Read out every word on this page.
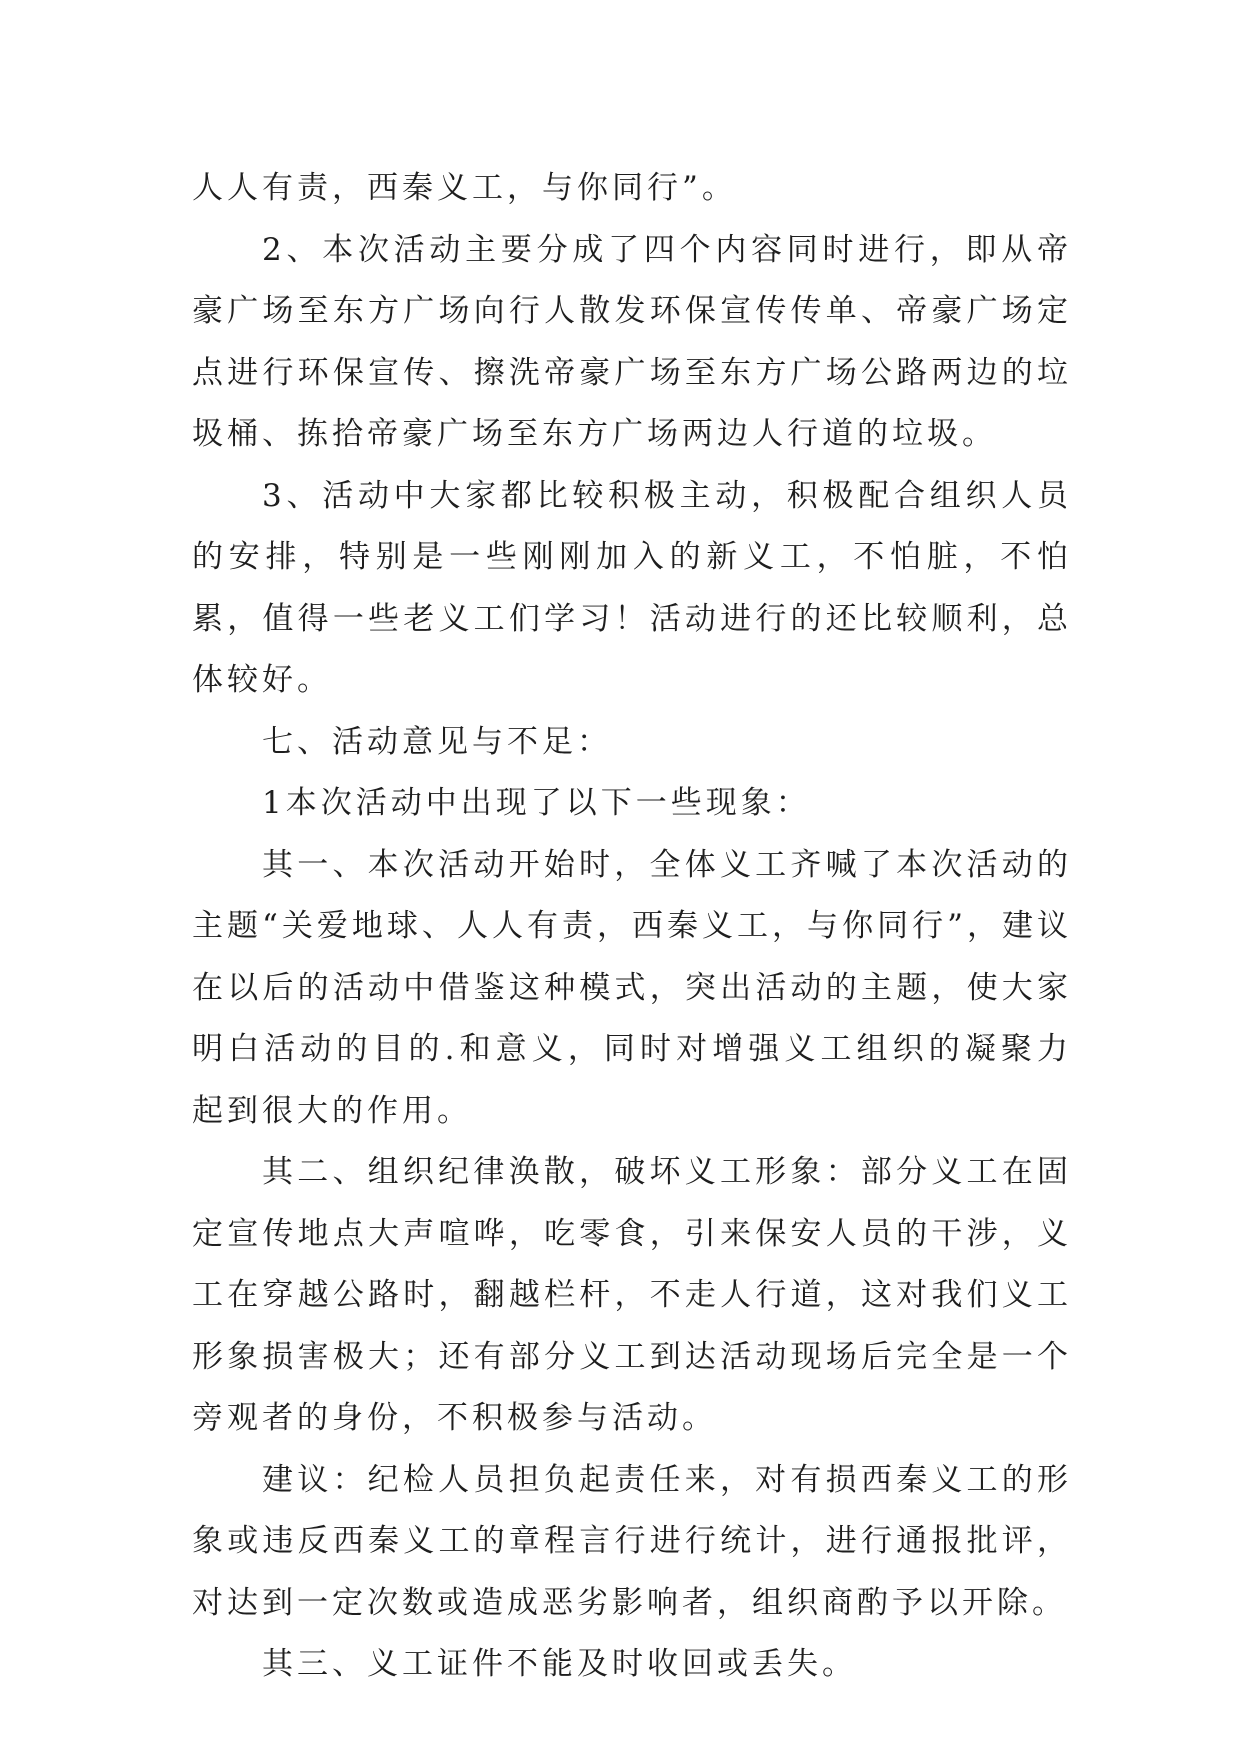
人人有责，西秦义工，与你同行”。

2、本次活动主要分成了四个内容同时进行，即从帝豪广场至东方广场向行人散发环保宣传传单、帝豪广场定点进行环保宣传、擦洗帝豪广场至东方广场公路两边的垃圾桶、拣拾帝豪广场至东方广场两边人行道的垃圾。

3、活动中大家都比较积极主动，积极配合组织人员的安排，特别是一些刚刚加入的新义工，不怕脏，不怕累，值得一些老义工们学习！活动进行的还比较顺利，总体较好。

七、活动意见与不足：

1本次活动中出现了以下一些现象：

其一、本次活动开始时，全体义工齐喊了本次活动的主题“关爱地球、人人有责，西秦义工，与你同行”，建议在以后的活动中借鉴这种模式，突出活动的主题，使大家明白活动的目的.和意义，同时对增强义工组织的凝聚力起到很大的作用。

其二、组织纪律涣散，破坏义工形象：部分义工在固定宣传地点大声喧哗，吃零食，引来保安人员的干涉，义工在穿越公路时，翻越栏杆，不走人行道，这对我们义工形象损害极大；还有部分义工到达活动现场后完全是一个旁观者的身份，不积极参与活动。

建议：纪检人员担负起责任来，对有损西秦义工的形象或违反西秦义工的章程言行进行统计，进行通报批评，对达到一定次数或造成恶劣影响者，组织商酌予以开除。

其三、义工证件不能及时收回或丢失。
